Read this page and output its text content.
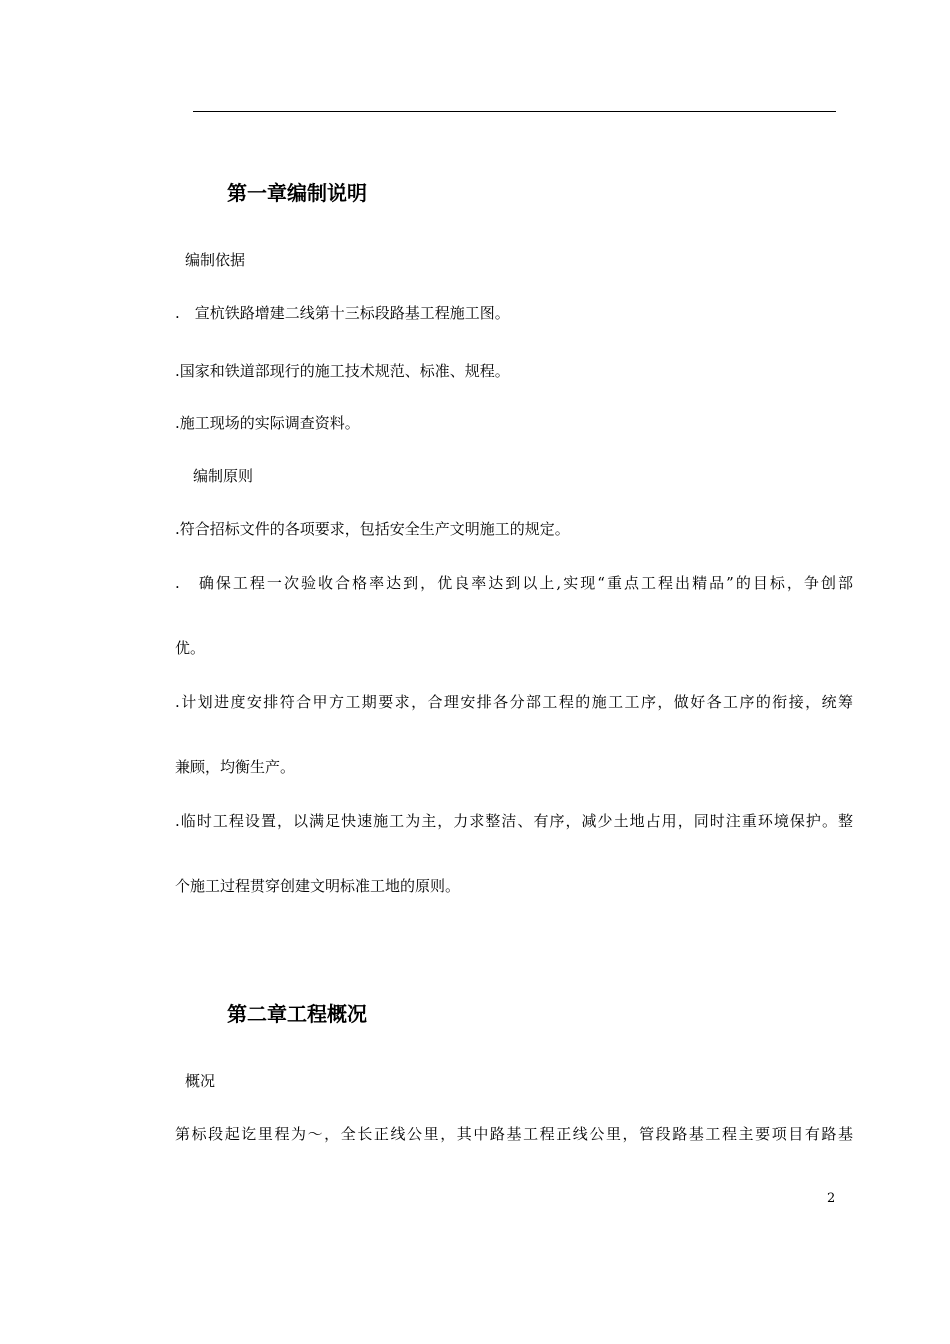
第一章编制说明
编制依据
.　宣杭铁路增建二线第十三标段路基工程施工图。
.国家和铁道部现行的施工技术规范、标准、规程。
.施工现场的实际调查资料。
编制原则
.符合招标文件的各项要求，包括安全生产文明施工的规定。
.　确保工程一次验收合格率达到，优良率达到以上,实现“重点工程出精品”的目标，争创部
优。
.计划进度安排符合甲方工期要求，合理安排各分部工程的施工工序，做好各工序的衔接，统筹
兼顾，均衡生产。
.临时工程设置，以满足快速施工为主，力求整洁、有序，减少土地占用，同时注重环境保护。整
个施工过程贯穿创建文明标准工地的原则。
第二章工程概况
概况
第标段起讫里程为～，全长正线公里，其中路基工程正线公里，管段路基工程主要项目有路基
2
